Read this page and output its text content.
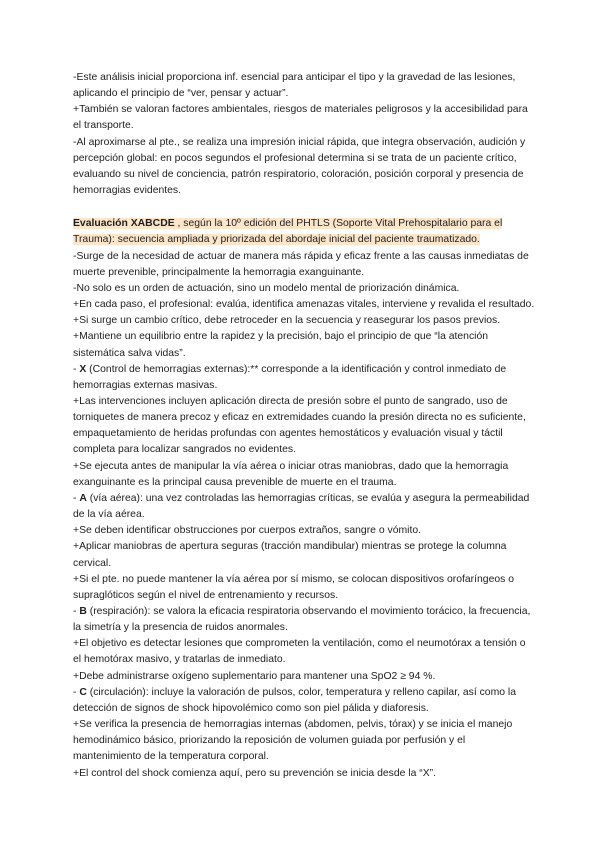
-Este análisis inicial proporciona inf. esencial para anticipar el tipo y la gravedad de las lesiones, aplicando el principio de “ver, pensar y actuar”.

+También se valoran factores ambientales, riesgos de materiales peligrosos y la accesibilidad para el transporte.

-Al aproximarse al pte., se realiza una impresión inicial rápida, que integra observación, audición y percepción global: en pocos segundos el profesional determina si se trata de un paciente crítico, evaluando su nivel de conciencia, patrón respiratorio, coloración, posición corporal y presencia de hemorragias evidentes.

Evaluación XABCDE , según la 10º edición del PHTLS (Soporte Vital Prehospitalario para el Trauma): secuencia ampliada y priorizada del abordaje inicial del paciente traumatizado.

-Surge de la necesidad de actuar de manera más rápida y eficaz frente a las causas inmediatas de muerte prevenible, principalmente la hemorragia exanguinante.

-No solo es un orden de actuación, sino un modelo mental de priorización dinámica.

+En cada paso, el profesional: evalúa, identifica amenazas vitales, interviene y revalida el resultado.

+Si surge un cambio crítico, debe retroceder en la secuencia y reasegurar los pasos previos.

+Mantiene un equilibrio entre la rapidez y la precisión, bajo el principio de que “la atención sistemática salva vidas”.

- X (Control de hemorragias externas):** corresponde a la identificación y control inmediato de hemorragias externas masivas.

+Las intervenciones incluyen aplicación directa de presión sobre el punto de sangrado, uso de torniquetes de manera precoz y eficaz en extremidades cuando la presión directa no es suficiente, empaquetamiento de heridas profundas con agentes hemostáticos y evaluación visual y táctil completa para localizar sangrados no evidentes.

+Se ejecuta antes de manipular la vía aérea o iniciar otras maniobras, dado que la hemorragia exanguinante es la principal causa prevenible de muerte en el trauma.

- A (vía aérea): una vez controladas las hemorragias críticas, se evalúa y asegura la permeabilidad de la vía aérea.

+Se deben identificar obstrucciones por cuerpos extraños, sangre o vómito.

+Aplicar maniobras de apertura seguras (tracción mandibular) mientras se protege la columna cervical.

+Si el pte. no puede mantener la vía aérea por sí mismo, se colocan dispositivos orofaríngeos o supraglóticos según el nivel de entrenamiento y recursos.

- B (respiración): se valora la eficacia respiratoria observando el movimiento torácico, la frecuencia, la simetría y la presencia de ruidos anormales.

+El objetivo es detectar lesiones que comprometen la ventilación, como el neumotórax a tensión o el hemotórax masivo, y tratarlas de inmediato.

+Debe administrarse oxígeno suplementario para mantener una SpO2 ≥ 94 %.

- C (circulación): incluye la valoración de pulsos, color, temperatura y relleno capilar, así como la detección de signos de shock hipovolémico como son piel pálida y diaforesis.

+Se verifica la presencia de hemorragias internas (abdomen, pelvis, tórax) y se inicia el manejo hemodinámico básico, priorizando la reposición de volumen guiada por perfusión y el mantenimiento de la temperatura corporal.

+El control del shock comienza aquí, pero su prevención se inicia desde la “X”.
